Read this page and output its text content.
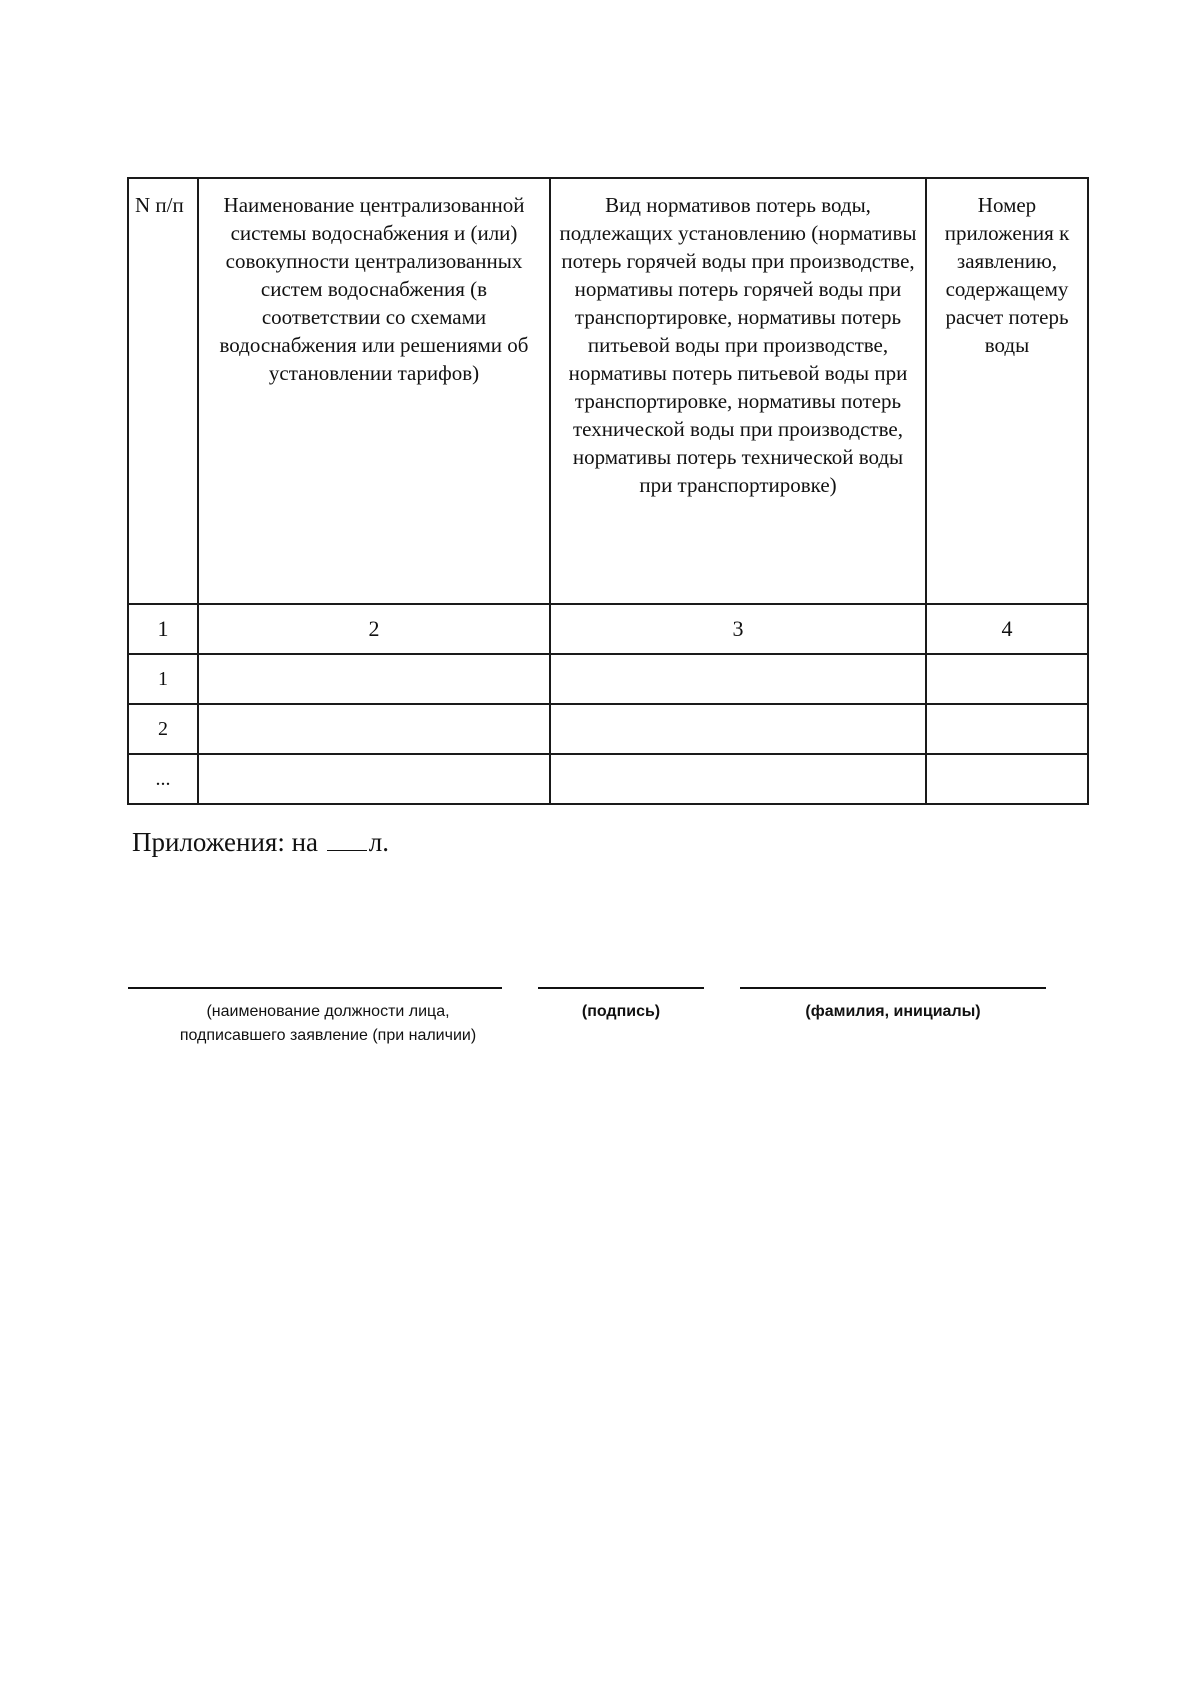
N п/п	Наименование централизованной системы водоснабжения и (или) совокупности централизованных систем водоснабжения (в соответствии со схемами водоснабжения или решениями об установлении тарифов)	Вид нормативов потерь воды, подлежащих установлению (нормативы потерь горячей воды при производстве, нормативы потерь горячей воды при транспортировке, нормативы потерь питьевой воды при производстве, нормативы потерь питьевой воды при транспортировке, нормативы потерь технической воды при производстве, нормативы потерь технической воды при транспортировке)	Номер приложения к заявлению, содержащему расчет потерь воды
1	2	3	4
1			
2			
...			
Приложения: на л.
(наименование должности лица,
подписавшего заявление (при наличии)
(подпись)	(фамилия, инициалы)
